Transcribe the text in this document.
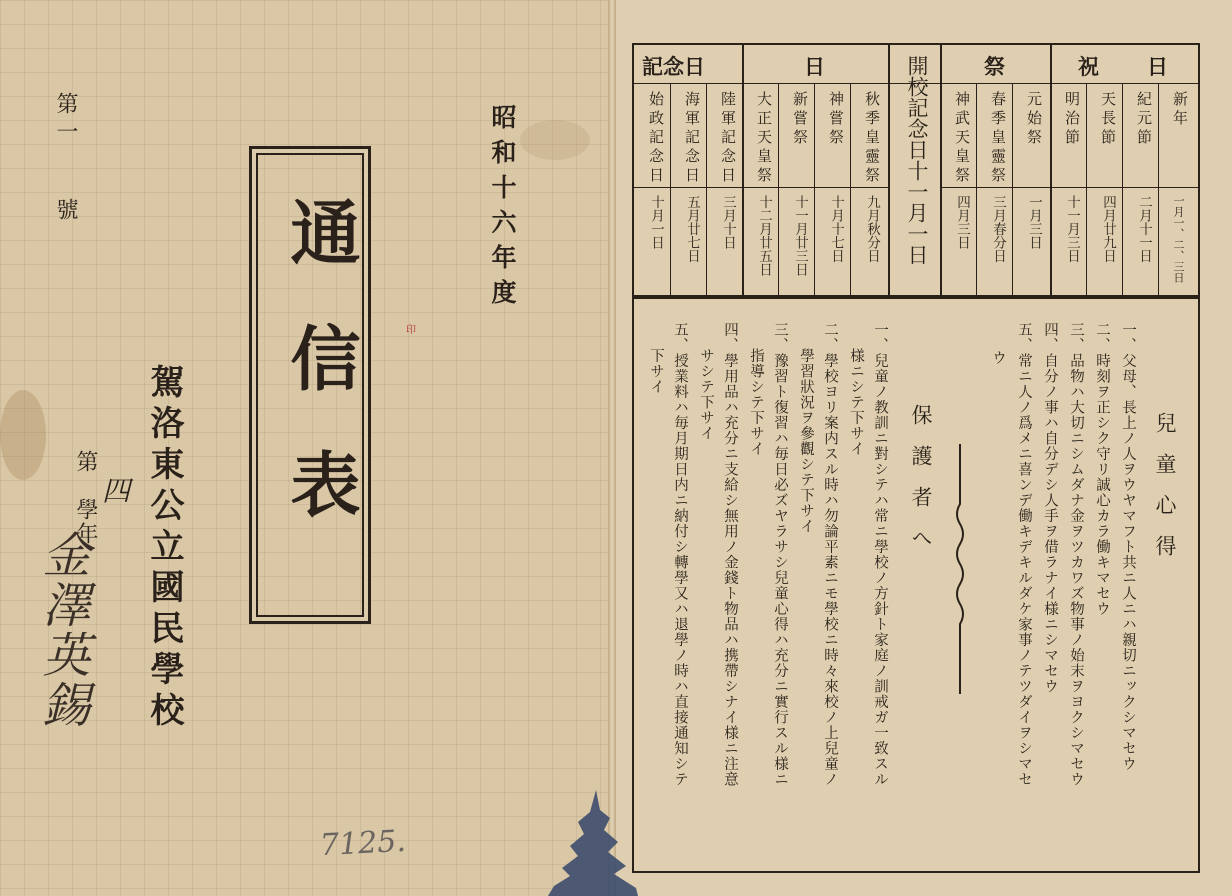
第一
號	昭和十六年度
通信表
駕洛東公立國民學校
第　學年 四
金澤英錫
7125.
印
記念日	日	祭	祝　　日
開校記念日十一月一日	新年
一月一、二、三日
紀元節
二月十一日
天長節
四月廿九日
明治節
十一月三日
元始祭
一月三日
春季皇靈祭
三月春分日
神武天皇祭
四月三日
秋季皇靈祭
九月秋分日
神嘗祭
十月十七日
新嘗祭
十一月廿三日
大正天皇祭
十二月廿五日
陸軍記念日
三月十日
海軍記念日
五月廿七日
始政記念日
十月一日
兒童心得
一、父母、長上ノ人ヲウヤマフト共ニ人ニハ親切ニックシマセウ
二、時刻ヲ正シク守リ誠心カラ働キマセウ
三、品物ハ大切ニシムダナ金ヲツカワズ物事ノ始末ヲヨクシマセウ
四、自分ノ事ハ自分デシ人手ヲ借ラナイ様ニシマセウ
五、常ニ人ノ爲メニ喜ンデ働キデキルダケ家事ノテツダイヲシマセ
ウ
保護者へ
一、兒童ノ教訓ニ對シテハ常ニ學校ノ方針ト家庭ノ訓戒ガ一致スル
様ニシテ下サイ
二、學校ヨリ案内スル時ハ勿論平素ニモ學校ニ時々來校ノ上兒童ノ
學習狀況ヲ參觀シテ下サイ
三、豫習ト復習ハ毎日必ズヤラサシ兒童心得ハ充分ニ實行スル様ニ
指導シテ下サイ
四、學用品ハ充分ニ支給シ無用ノ金錢ト物品ハ携帶シナイ様ニ注意
サシテ下サイ
五、授業料ハ毎月期日内ニ納付シ轉學又ハ退學ノ時ハ直接通知シテ
下サイ
